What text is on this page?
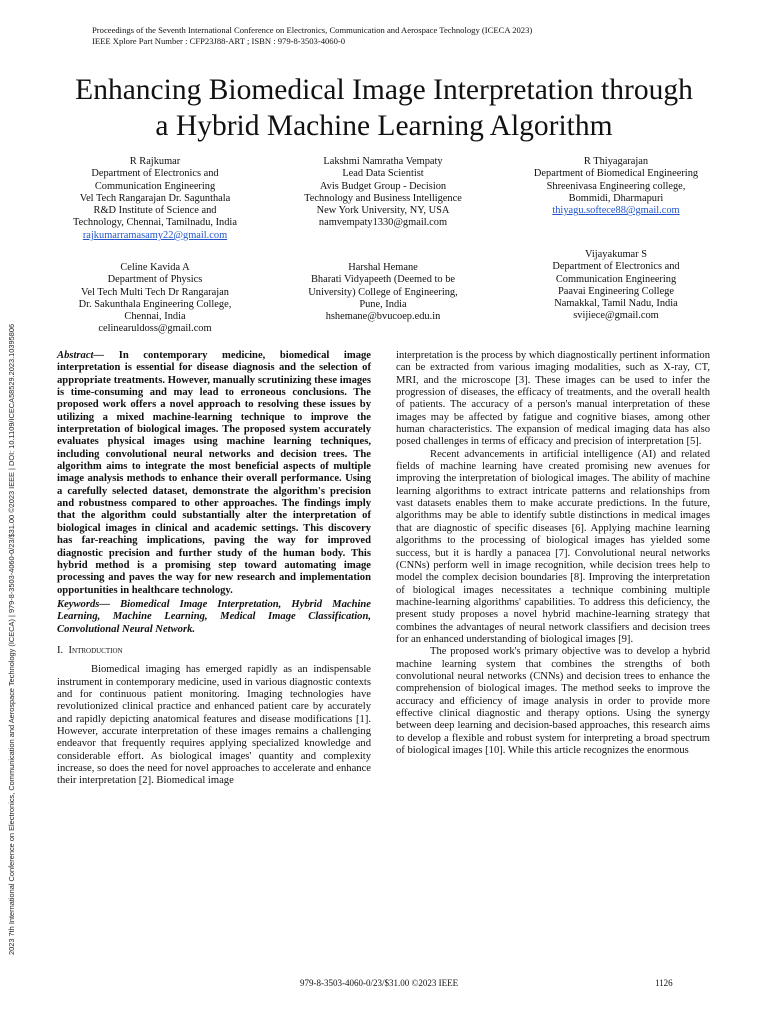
Proceedings of the Seventh International Conference on Electronics, Communication and Aerospace Technology (ICECA 2023)
IEEE Xplore Part Number : CFP23J88-ART ; ISBN : 979-8-3503-4060-0
Enhancing Biomedical Image Interpretation through
a Hybrid Machine Learning Algorithm
R Rajkumar
Department of Electronics and
Communication Engineering
Vel Tech Rangarajan Dr. Sagunthala
R&D Institute of Science and
Technology, Chennai, Tamilnadu, India
rajkumarramasamy22@gmail.com
Lakshmi Namratha Vempaty
Lead Data Scientist
Avis Budget Group - Decision
Technology and Business Intelligence
New York University, NY, USA
namvempaty1330@gmail.com
R Thiyagarajan
Department of Biomedical Engineering
Shreenivasa Engineering college,
Bommidi, Dharmapuri
thiyagu.softece88@gmail.com
Celine Kavida A
Department of Physics
Vel Tech Multi Tech Dr Rangarajan
Dr. Sakunthala Engineering College,
Chennai, India
celinearuldoss@gmail.com
Harshal Hemane
Bharati Vidyapeeth (Deemed to be
University) College of Engineering,
Pune, India
hshemane@bvucoep.edu.in
Vijayakumar S
Department of Electronics and
Communication Engineering
Paavai Engineering College
Namakkal, Tamil Nadu, India
svijiece@gmail.com
2023 7th International Conference on Electronics, Communication and Aerospace Technology (ICECA) | 979-8-3503-4060-0/23/$31.00 ©2023 IEEE | DOI: 10.1109/ICECA58529.2023.10395806	Abstract— In contemporary medicine, biomedical image interpretation is essential for disease diagnosis and the selection of appropriate treatments. However, manually scrutinizing these images is time-consuming and may lead to erroneous conclusions. The proposed work offers a novel approach to resolving these issues by utilizing a mixed machine-learning technique to improve the interpretation of biological images. The proposed system accurately evaluates physical images using machine learning techniques, including convolutional neural networks and decision trees. The algorithm aims to integrate the most beneficial aspects of multiple image analysis methods to enhance their overall performance. Using a carefully selected dataset, demonstrate the algorithm's precision and robustness compared to other approaches. The findings imply that the algorithm could substantially alter the interpretation of biological images in clinical and academic settings. This discovery has far-reaching implications, paving the way for improved diagnostic precision and further study of the human body. This hybrid method is a promising step toward automating image processing and paves the way for new research and implementation opportunities in healthcare technology.

Keywords— Biomedical Image Interpretation, Hybrid Machine Learning, Machine Learning, Medical Image Classification, Convolutional Neural Network.

I. Introduction

Biomedical imaging has emerged rapidly as an indispensable instrument in contemporary medicine, used in various diagnostic contexts and for continuous patient monitoring. Imaging technologies have revolutionized clinical practice and enhanced patient care by accurately and rapidly depicting anatomical features and disease modifications [1]. However, accurate interpretation of these images remains a challenging endeavor that frequently requires applying specialized knowledge and considerable effort. As biological images' quantity and complexity increase, so does the need for novel approaches to accelerate and enhance their interpretation [2]. Biomedical image

interpretation is the process by which diagnostically pertinent information can be extracted from various imaging modalities, such as X-ray, CT, MRI, and the microscope [3]. These images can be used to infer the progression of diseases, the efficacy of treatments, and the overall health of patients. The accuracy of a person's manual interpretation of these images may be affected by fatigue and cognitive biases, among other human characteristics. The expansion of medical imaging data has also posed challenges in terms of efficacy and precision of interpretation [5].

Recent advancements in artificial intelligence (AI) and related fields of machine learning have created promising new avenues for improving the interpretation of biological images. The ability of machine learning algorithms to extract intricate patterns and relationships from vast datasets enables them to make accurate predictions. In the future, algorithms may be able to identify subtle distinctions in medical images that are diagnostic of specific diseases [6]. Applying machine learning algorithms to the processing of biological images has yielded some success, but it is hardly a panacea [7]. Convolutional neural networks (CNNs) perform well in image recognition, while decision trees help to model the complex decision boundaries [8]. Improving the interpretation of biological images necessitates a technique combining multiple machine-learning algorithms' capabilities. To address this deficiency, the present study proposes a novel hybrid machine-learning strategy that combines the advantages of neural network classifiers and decision trees for an enhanced understanding of biological images [9].

The proposed work's primary objective was to develop a hybrid machine learning system that combines the strengths of both convolutional neural networks (CNNs) and decision trees to enhance the comprehension of biological images. The method seeks to improve the accuracy and efficiency of image analysis in order to provide more effective clinical diagnostic and therapy options. Using the synergy between deep learning and decision-based approaches, this research aims to develop a flexible and robust system for interpreting a broad spectrum of biological images [10]. While this article recognizes the enormous

979-8-3503-4060-0/23/$31.00 ©2023 IEEE	1126
